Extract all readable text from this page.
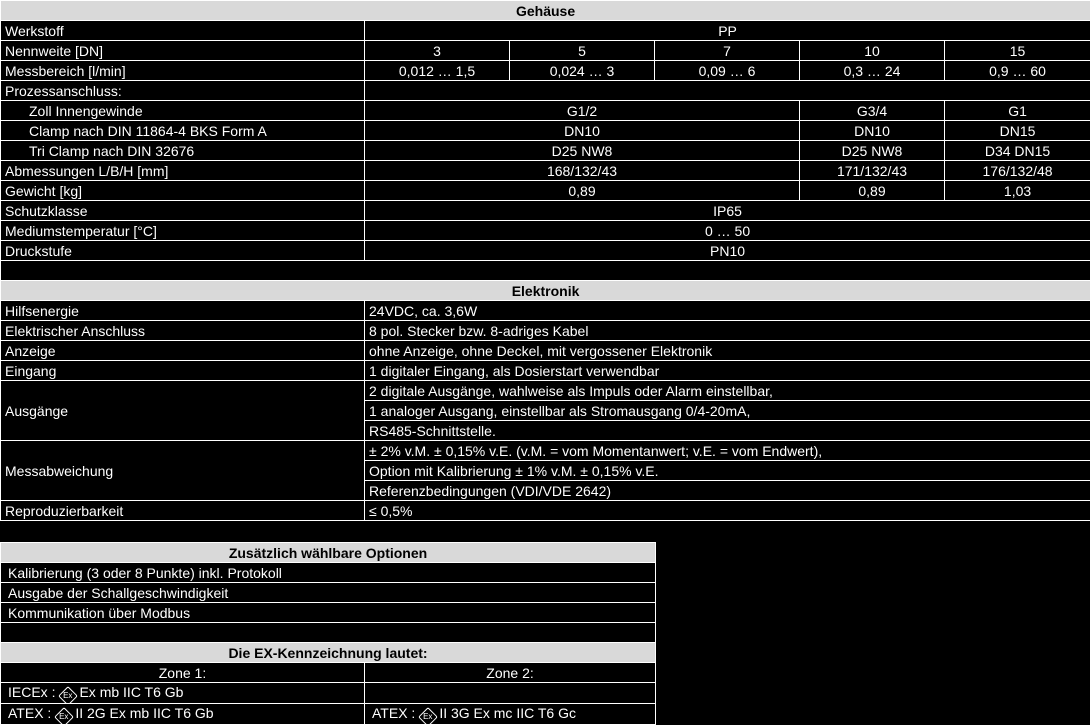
Gehäuse					
Werkstoff	PP				
Nennweite [DN]	3	5	7	10	15
Messbereich [l/min]	0,012 … 1,5	0,024 … 3	0,09 … 6	0,3 … 24	0,9 … 60
Prozessanschluss:					
Zoll Innengewinde	G1/2			G3/4	G1
Clamp nach DIN 11864-4 BKS Form A	DN10			DN10	DN15
Tri Clamp nach DIN 32676	D25 NW8			D25 NW8	D34 DN15
Abmessungen L/B/H [mm]	168/132/43			171/132/43	176/132/48
Gewicht [kg]	0,89			0,89	1,03
Schutzklasse	IP65				
Mediumstemperatur [°C]	0 … 50				
Druckstufe	PN10				

Elektronik					
Hilfsenergie	24VDC, ca. 3,6W				
Elektrischer Anschluss	8 pol. Stecker bzw. 8-adriges Kabel				
Anzeige	ohne Anzeige, ohne Deckel, mit vergossener Elektronik				
Eingang	1 digitaler Eingang, als Dosierstart verwendbar				
Ausgänge	2 digitale Ausgänge, wahlweise als Impuls oder Alarm einstellbar,				
	1 analoger Ausgang, einstellbar als Stromausgang 0/4-20mA,				
	RS485-Schnittstelle.				
Messabweichung	± 2% v.M. ± 0,15% v.E. (v.M. = vom Momentanwert; v.E. = vom Endwert),				
	Option mit Kalibrierung ± 1% v.M. ± 0,15% v.E.				
	Referenzbedingungen (VDI/VDE 2642)				
Reproduzierbarkeit	≤ 0,5%				
Zusätzlich wählbare Optionen	
Kalibrierung (3 oder 8 Punkte) inkl. Protokoll	
Ausgabe der Schallgeschwindigkeit	
Kommunikation über Modbus	

Die EX-Kennzeichnung lautet:	
Zone 1:	Zone 2:
IECEx : Ex Ex mb IIC T6 Gb	
ATEX : Ex II 2G Ex mb IIC T6 Gb	ATEX : Ex II 3G Ex mc IIC T6 Gc
